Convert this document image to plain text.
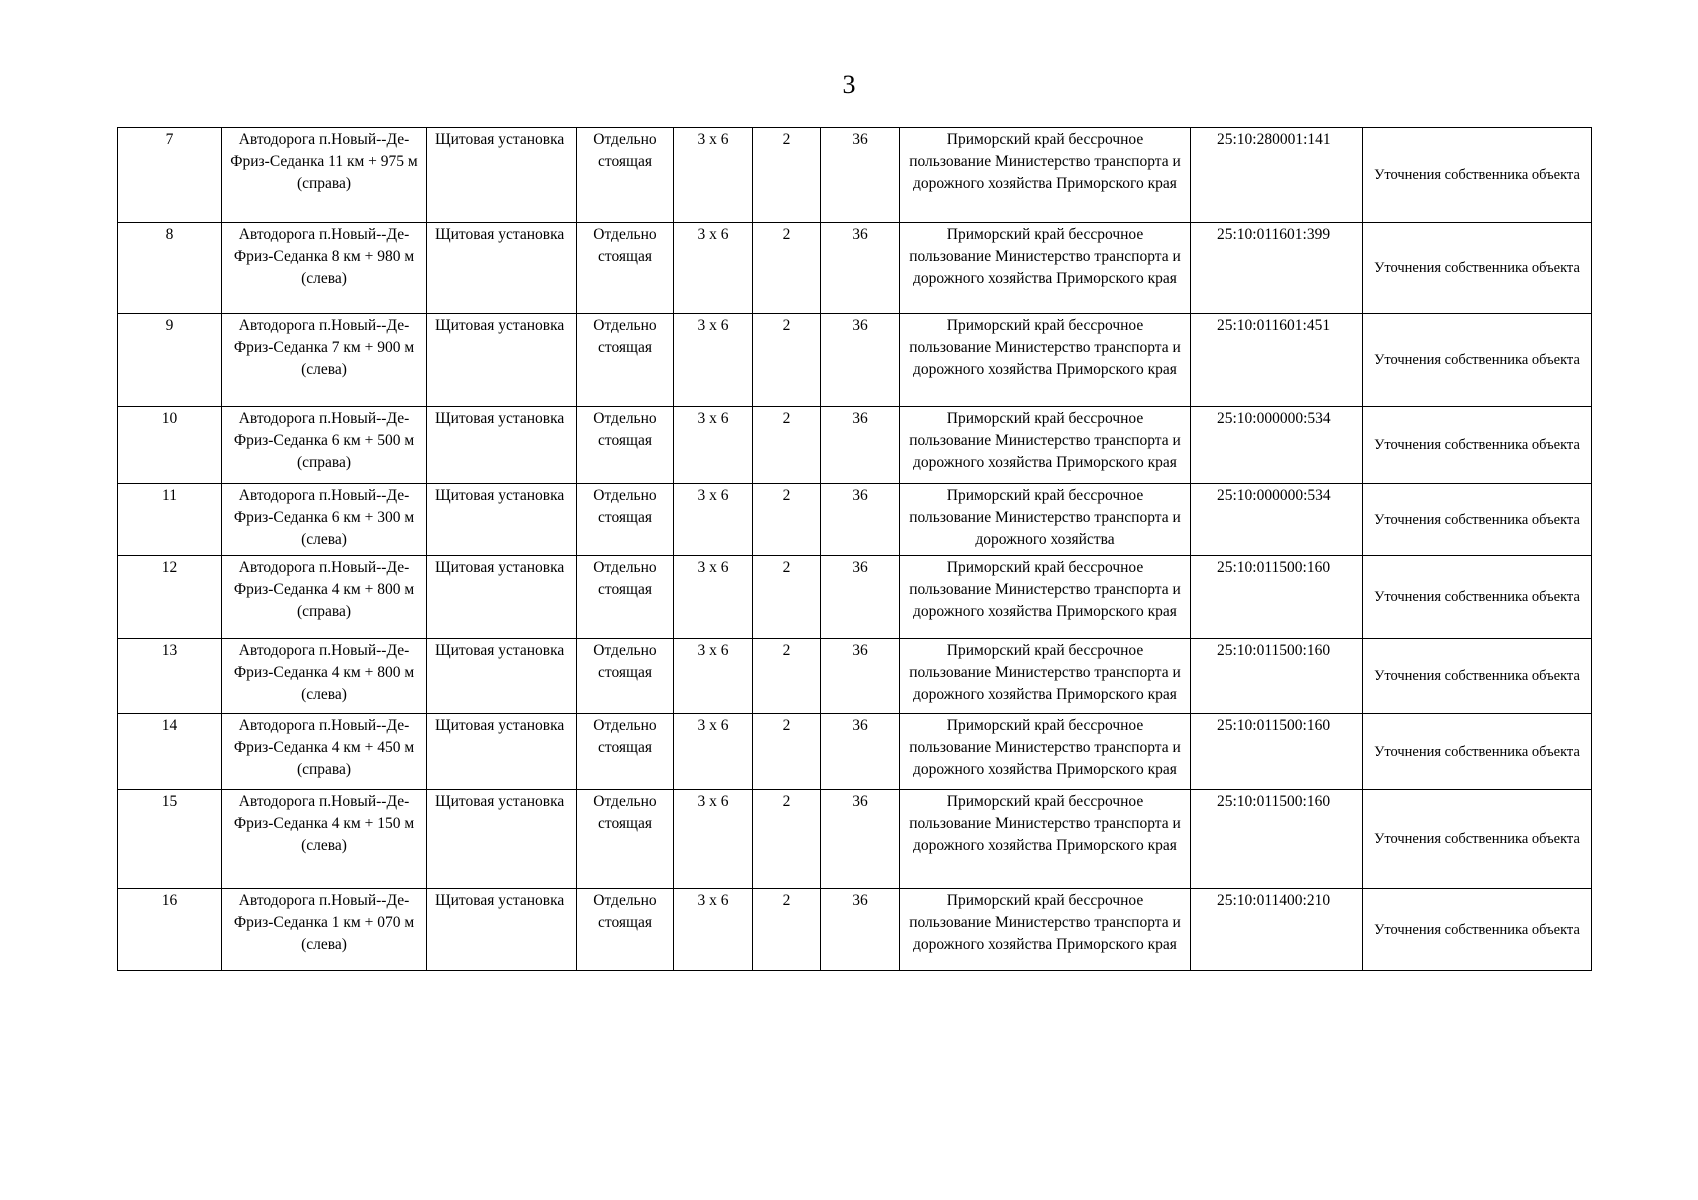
3
7	Автодорога п.Новый--Де-Фриз-Седанка 11 км + 975 м (справа)	Щитовая установка	Отдельно стоящая	3 х 6	2	36	Приморский край бессрочное пользование Министерство транспорта и дорожного хозяйства Приморского края	25:10:280001:141	Уточнения собственника объекта
8	Автодорога п.Новый--Де-Фриз-Седанка 8 км + 980 м (слева)	Щитовая установка	Отдельно стоящая	3 х 6	2	36	Приморский край бессрочное пользование Министерство транспорта и дорожного хозяйства Приморского края	25:10:011601:399	Уточнения собственника объекта
9	Автодорога п.Новый--Де-Фриз-Седанка 7 км + 900 м (слева)	Щитовая установка	Отдельно стоящая	3 х 6	2	36	Приморский край бессрочное пользование Министерство транспорта и дорожного хозяйства Приморского края	25:10:011601:451	Уточнения собственника объекта
10	Автодорога п.Новый--Де-Фриз-Седанка 6 км + 500 м (справа)	Щитовая установка	Отдельно стоящая	3 х 6	2	36	Приморский край бессрочное пользование Министерство транспорта и дорожного хозяйства Приморского края	25:10:000000:534	Уточнения собственника объекта
11	Автодорога п.Новый--Де-Фриз-Седанка 6 км + 300 м (слева)	Щитовая установка	Отдельно стоящая	3 х 6	2	36	Приморский край бессрочное пользование Министерство транспорта и дорожного хозяйства	25:10:000000:534	Уточнения собственника объекта
12	Автодорога п.Новый--Де-Фриз-Седанка 4 км + 800 м (справа)	Щитовая установка	Отдельно стоящая	3 х 6	2	36	Приморский край бессрочное пользование Министерство транспорта и дорожного хозяйства Приморского края	25:10:011500:160	Уточнения собственника объекта
13	Автодорога п.Новый--Де-Фриз-Седанка 4 км + 800 м (слева)	Щитовая установка	Отдельно стоящая	3 х 6	2	36	Приморский край бессрочное пользование Министерство транспорта и дорожного хозяйства Приморского края	25:10:011500:160	Уточнения собственника объекта
14	Автодорога п.Новый--Де-Фриз-Седанка 4 км + 450 м (справа)	Щитовая установка	Отдельно стоящая	3 х 6	2	36	Приморский край бессрочное пользование Министерство транспорта и дорожного хозяйства Приморского края	25:10:011500:160	Уточнения собственника объекта
15	Автодорога п.Новый--Де-Фриз-Седанка 4 км + 150 м (слева)	Щитовая установка	Отдельно стоящая	3 х 6	2	36	Приморский край бессрочное пользование Министерство транспорта и дорожного хозяйства Приморского края	25:10:011500:160	Уточнения собственника объекта
16	Автодорога п.Новый--Де-Фриз-Седанка 1 км + 070 м (слева)	Щитовая установка	Отдельно стоящая	3 х 6	2	36	Приморский край бессрочное пользование Министерство транспорта и дорожного хозяйства Приморского края	25:10:011400:210	Уточнения собственника объекта
